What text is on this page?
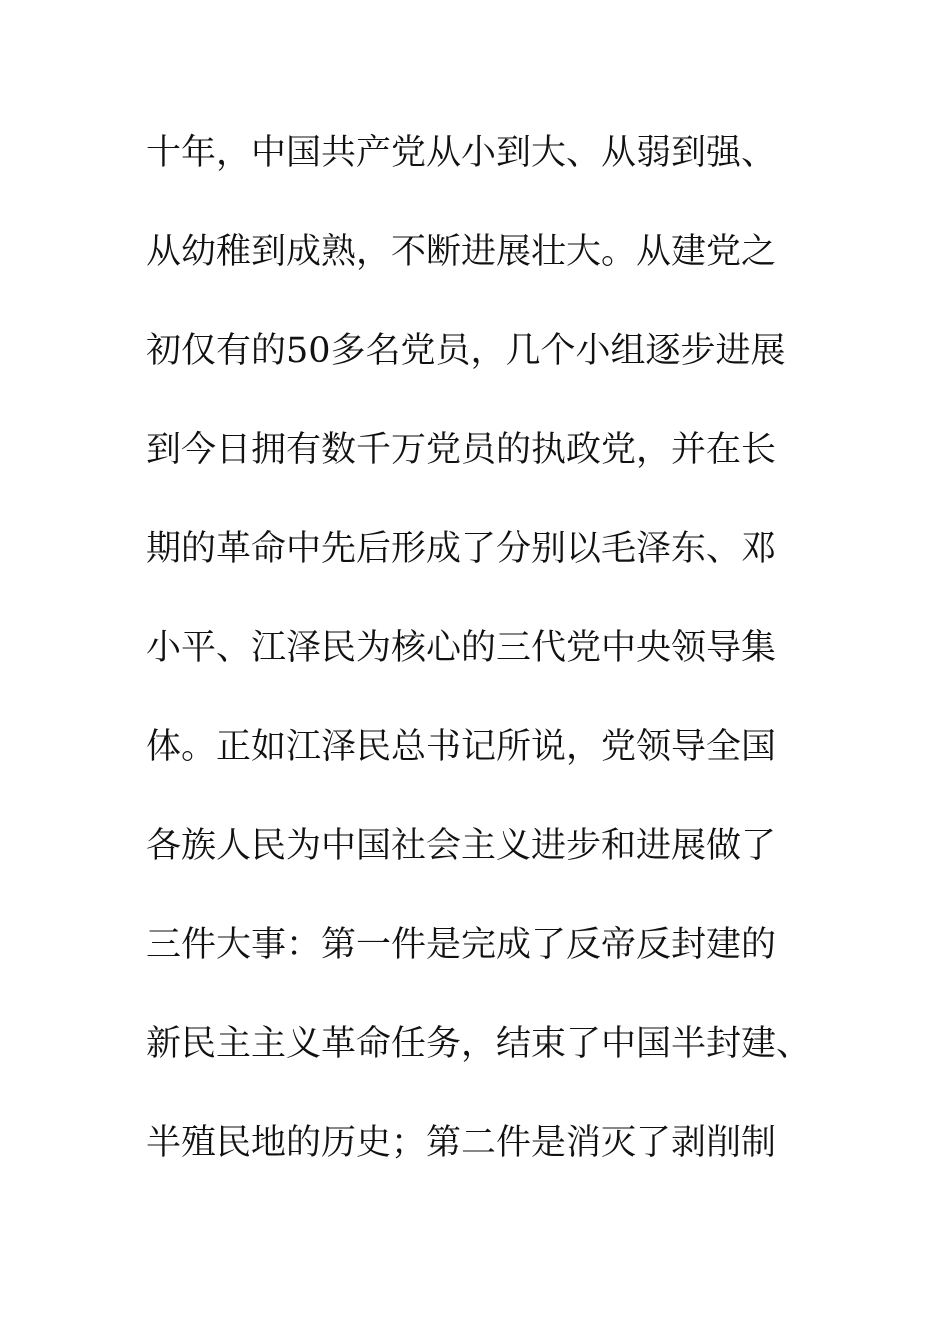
十年，中国共产党从小到大、从弱到强、
从幼稚到成熟，不断进展壮大。从建党之
初仅有的50多名党员，几个小组逐步进展
到今日拥有数千万党员的执政党，并在长
期的革命中先后形成了分别以毛泽东、邓
小平、江泽民为核心的三代党中央领导集
体。正如江泽民总书记所说，党领导全国
各族人民为中国社会主义进步和进展做了
三件大事：第一件是完成了反帝反封建的
新民主主义革命任务，结束了中国半封建、
半殖民地的历史；第二件是消灭了剥削制
